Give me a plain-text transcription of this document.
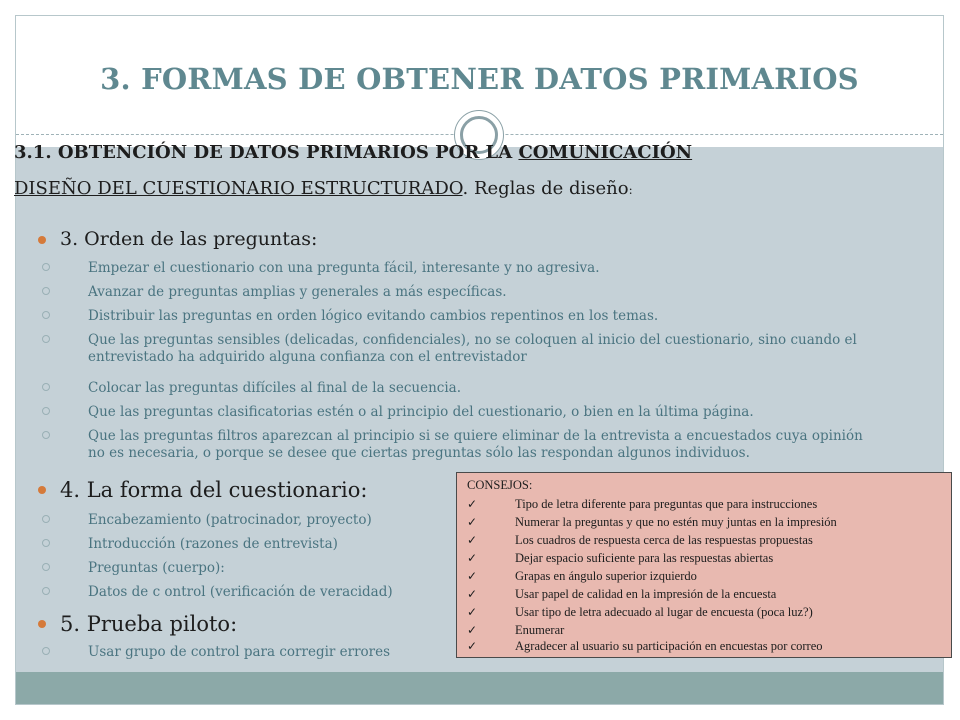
3. FORMAS DE OBTENER DATOS PRIMARIOS
3.1. OBTENCIÓN DE DATOS PRIMARIOS POR LA COMUNICACIÓN
DISEÑO DEL CUESTIONARIO ESTRUCTURADO. Reglas de diseño:
3. Orden de las preguntas:
Empezar el cuestionario con una pregunta fácil, interesante y no agresiva.
Avanzar de preguntas amplias y generales a más específicas.
Distribuir las preguntas en orden lógico evitando cambios repentinos en los temas.
Que las preguntas sensibles (delicadas, confidenciales), no se coloquen al inicio del cuestionario, sino cuando el entrevistado ha adquirido alguna confianza con el entrevistador
Colocar las preguntas difíciles al final de la secuencia.
Que las preguntas clasificatorias estén o al principio del cuestionario, o bien en la última página.
Que las preguntas filtros aparezcan al principio si se quiere eliminar de la entrevista a encuestados cuya opinión no es necesaria, o porque se desee que ciertas preguntas sólo las respondan algunos individuos.
4. La forma del cuestionario:
Encabezamiento (patrocinador, proyecto)
Introducción (razones de entrevista)
Preguntas (cuerpo):
Datos de c ontrol (verificación de veracidad)
5. Prueba piloto:
Usar grupo de control para corregir errores
CONSEJOS:
✓	Tipo de letra diferente para preguntas que para instrucciones
✓	Numerar la preguntas y que no estén muy juntas en la impresión
✓	Los cuadros de respuesta cerca de las respuestas propuestas
✓	Dejar espacio suficiente para las respuestas abiertas
✓	Grapas en ángulo superior izquierdo
✓	Usar papel de calidad en la impresión de la encuesta
✓	Usar tipo de letra adecuado al lugar de encuesta (poca luz?)
✓	Enumerar
✓	Agradecer al usuario su participación en encuestas por correo
